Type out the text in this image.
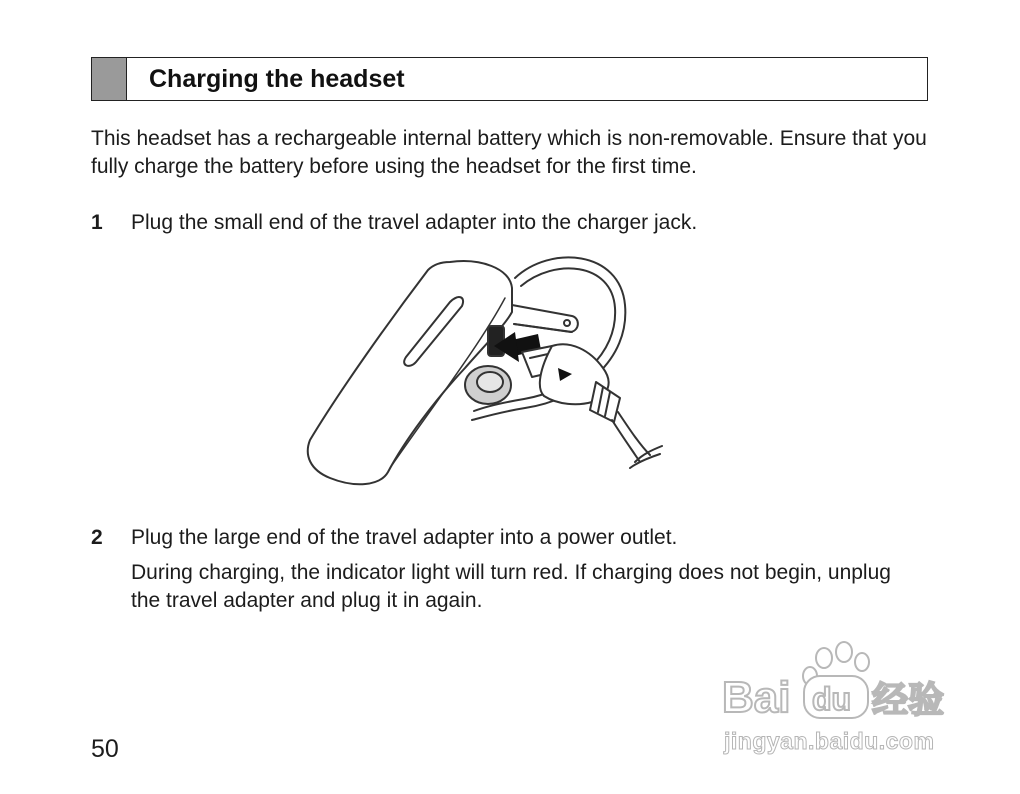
Charging the headset

This headset has a rechargeable internal battery which is non-removable. Ensure that you fully charge the battery before using the headset for the first time.

1 Plug the small end of the travel adapter into the charger jack.
2 Plug the large end of the travel adapter into a power outlet.

During charging, the indicator light will turn red. If charging does not begin, unplug the travel adapter and plug it in again.

50
Bai du 经验
jingyan.baidu.com
